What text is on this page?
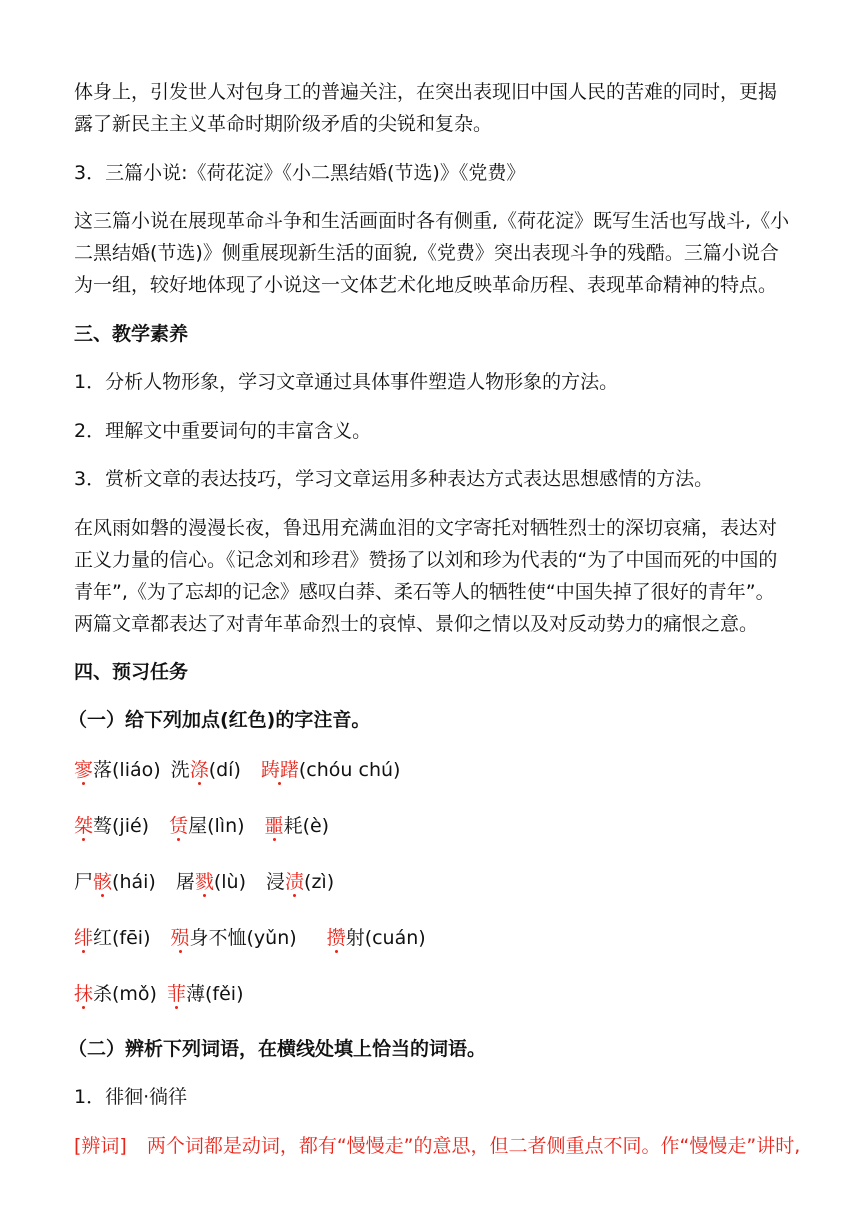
体身上，引发世人对包身工的普遍关注，在突出表现旧中国人民的苦难的同时，更揭

露了新民主主义革命时期阶级矛盾的尖锐和复杂。

3．三篇小说:《荷花淀》《小二黑结婚(节选)》《党费》

这三篇小说在展现革命斗争和生活画面时各有侧重,《荷花淀》既写生活也写战斗,《小

二黑结婚(节选)》侧重展现新生活的面貌,《党费》突出表现斗争的残酷。三篇小说合

为一组，较好地体现了小说这一文体艺术化地反映革命历程、表现革命精神的特点。

三、教学素养

1．分析人物形象，学习文章通过具体事件塑造人物形象的方法。

2．理解文中重要词句的丰富含义。

3．赏析文章的表达技巧，学习文章运用多种表达方式表达思想感情的方法。

在风雨如磐的漫漫长夜，鲁迅用充满血泪的文字寄托对牺牲烈士的深切哀痛，表达对

正义力量的信心。《记念刘和珍君》赞扬了以刘和珍为代表的“为了中国而死的中国的

青年”,《为了忘却的记念》感叹白莽、柔石等人的牺牲使“中国失掉了很好的青年”。

两篇文章都表达了对青年革命烈士的哀悼、景仰之情以及对反动势力的痛恨之意。

四、预习任务

（一）给下列加点(红色)的字注音。

寥落(liáo) 洗涤(dí) 踌躇(chóu chú)

桀骜(jié) 赁屋(lìn) 噩耗(è)

尸骸(hái) 屠戮(lù) 浸渍(zì)

绯红(fēi) 殒身不恤(yǔn) 攒射(cuán)

抹杀(mǒ) 菲薄(fěi)

（二）辨析下列词语，在横线处填上恰当的词语。

1．徘徊·徜徉

[辨词] 两个词都是动词，都有“慢慢走”的意思，但二者侧重点不同。作“慢慢走”讲时,
